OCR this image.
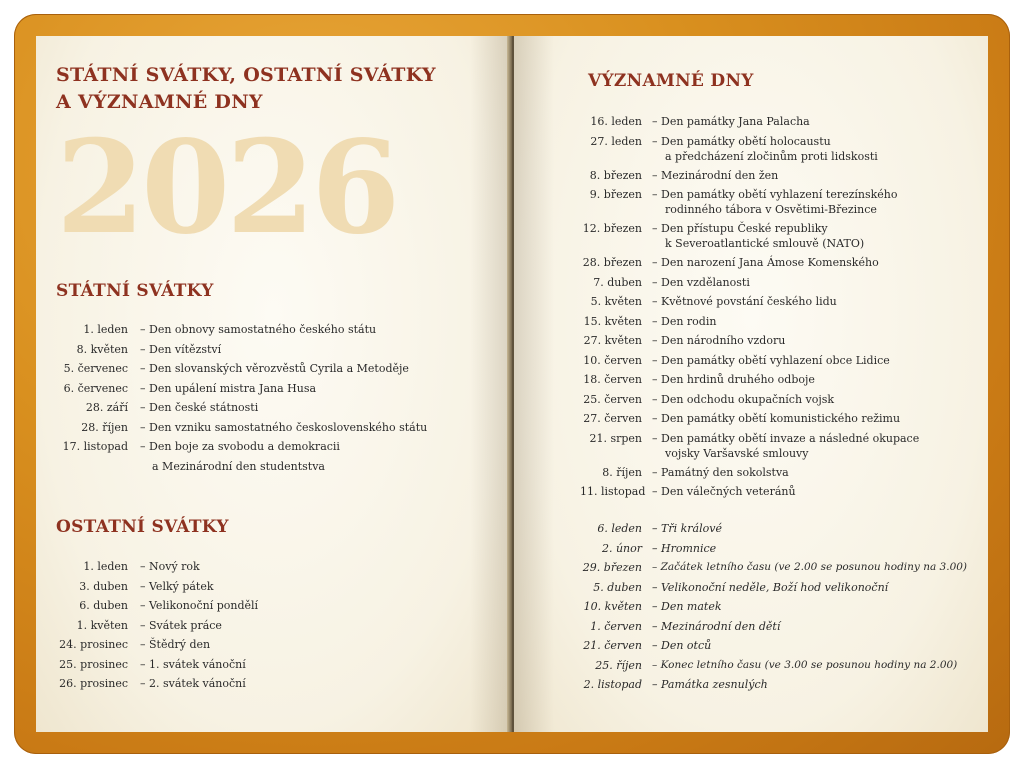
STÁTNÍ SVÁTKY, OSTATNÍ SVÁTKY
A VÝZNAMNÉ DNY
2026
STÁTNÍ SVÁTKY
1. leden – Den obnovy samostatného českého státu
8. květen – Den vítězství
5. červenec – Den slovanských věrozvěstů Cyrila a Metoděje
6. červenec – Den upálení mistra Jana Husa
28. září – Den české státnosti
28. říjen – Den vzniku samostatného československého státu
17. listopad – Den boje za svobodu a demokracii
a Mezinárodní den studentstva
OSTATNÍ SVÁTKY
1. leden – Nový rok
3. duben – Velký pátek
6. duben – Velikonoční pondělí
1. květen – Svátek práce
24. prosinec – Štědrý den
25. prosinec – 1. svátek vánoční
26. prosinec – 2. svátek vánoční
VÝZNAMNÉ DNY
16. leden – Den památky Jana Palacha
27. leden – Den památky obětí holocaustu
a předcházení zločinům proti lidskosti
8. březen – Mezinárodní den žen
9. březen – Den památky obětí vyhlazení terezínského
rodinného tábora v Osvětimi-Březince
12. březen – Den přístupu České republiky
k Severoatlantické smlouvě (NATO)
28. březen – Den narození Jana Ámose Komenského
7. duben – Den vzdělanosti
5. květen – Květnové povstání českého lidu
15. květen – Den rodin
27. květen – Den národního vzdoru
10. červen – Den památky obětí vyhlazení obce Lidice
18. červen – Den hrdinů druhého odboje
25. červen – Den odchodu okupačních vojsk
27. červen – Den památky obětí komunistického režimu
21. srpen – Den památky obětí invaze a následné okupace
vojsky Varšavské smlouvy
8. říjen – Památný den sokolstva
11. listopad – Den válečných veteránů
6. leden – Tři králové
2. únor – Hromnice
29. březen – Začátek letního času (ve 2.00 se posunou hodiny na 3.00)
5. duben – Velikonoční neděle, Boží hod velikonoční
10. květen – Den matek
1. červen – Mezinárodní den dětí
21. červen – Den otců
25. říjen – Konec letního času (ve 3.00 se posunou hodiny na 2.00)
2. listopad – Památka zesnulých
